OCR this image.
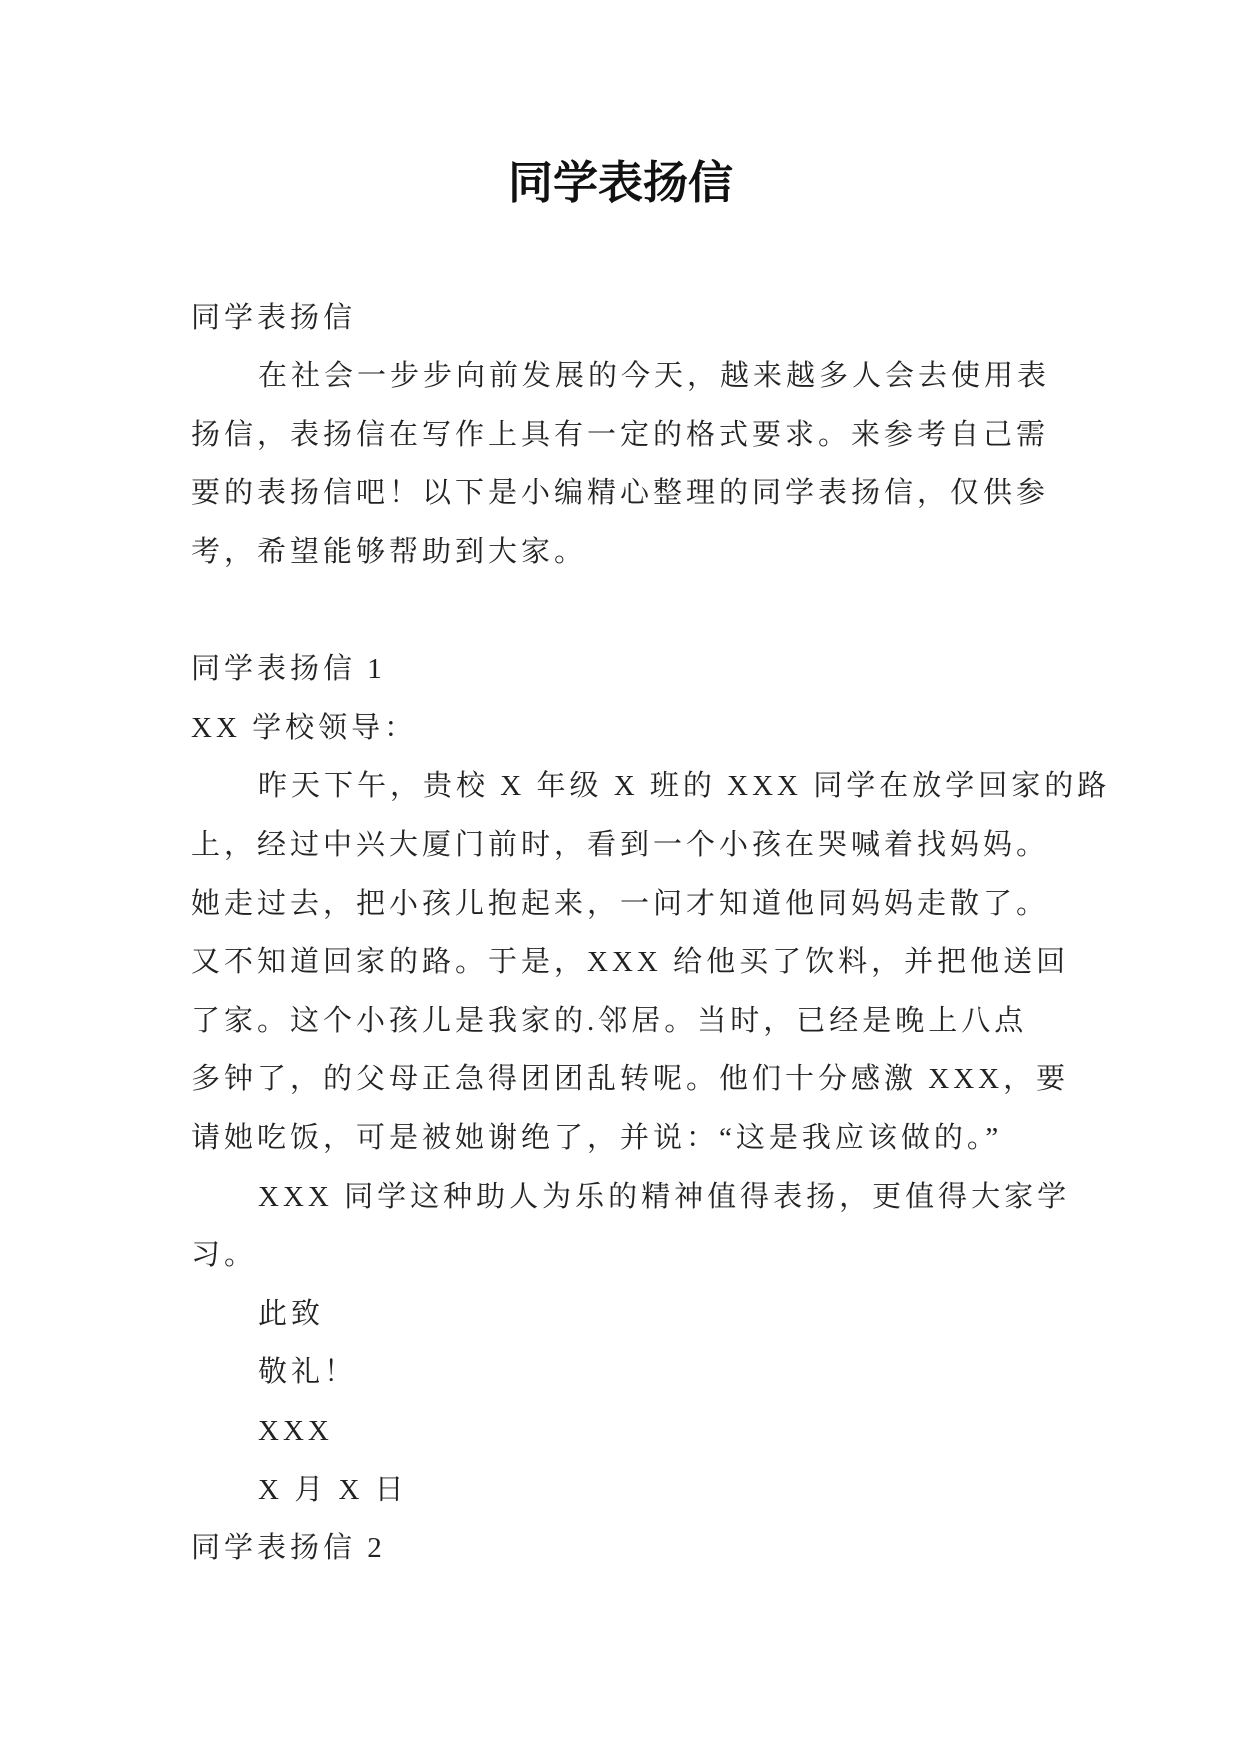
同学表扬信
同学表扬信
在社会一步步向前发展的今天，越来越多人会去使用表
扬信，表扬信在写作上具有一定的格式要求。来参考自己需
要的表扬信吧！以下是小编精心整理的同学表扬信，仅供参
考，希望能够帮助到大家。
同学表扬信 1
XX 学校领导：
昨天下午，贵校 X 年级 X 班的 XXX 同学在放学回家的路
上，经过中兴大厦门前时，看到一个小孩在哭喊着找妈妈。
她走过去，把小孩儿抱起来，一问才知道他同妈妈走散了。
又不知道回家的路。于是，XXX 给他买了饮料，并把他送回
了家。这个小孩儿是我家的.邻居。当时，已经是晚上八点
多钟了，的父母正急得团团乱转呢。他们十分感激 XXX，要
请她吃饭，可是被她谢绝了，并说：“这是我应该做的。”
XXX 同学这种助人为乐的精神值得表扬，更值得大家学
习。
此致
敬礼！
XXX
X 月 X 日
同学表扬信 2
